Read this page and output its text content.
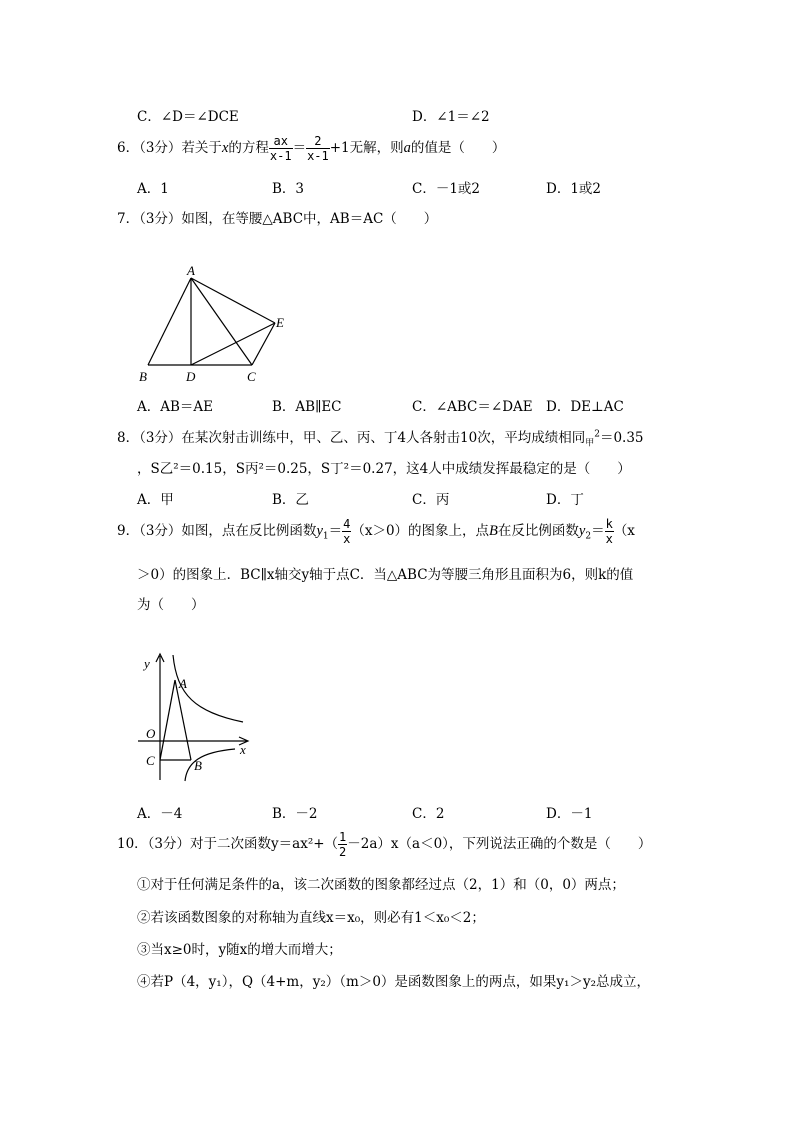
C．∠D＝∠DCE	D．∠1＝∠2
6．（3分）若关于x的方程 $\frac{ax}{x-1} = \frac{2}{x-1} +1$无解，则a的值是（　　）
A．1	B．3	C．－1或2	D．1或2
7．（3分）如图，在等腰△ABC中，AB＝AC（　　）
A
B	D	C
E
A．AB＝AE	B．AB∥EC	C．∠ABC＝∠DAE D．DE⊥AC
8．（3分）在某次射击训练中，甲、乙、丙、丁4人各射击10次，平均成绩相同$_甲^2$＝0.35
，S乙²＝0.15，S丙²＝0.25，S丁²＝0.27，这4人中成绩发挥最稳定的是（　　）
A．甲	B．乙	C．丙	D．丁
9．（3分）如图，点在反比例函数$y_1= \frac{4}{x} (x>0)$的图象上，点B在反比例函数$y_2= \frac{k}{x} (x$
＞0）的图象上．BC∥x轴交y轴于点C．当△ABC为等腰三角形且面积为6，则k的值
为（　　）
y
x
O
C
A
B
A．－4	B．－2	C．2	D．－1
10．（3分）对于二次函数$y=ax^2+( \frac{1}{2} -2a)x(a<0)$，下列说法正确的个数是（　　）
①对于任何满足条件的a，该二次函数的图象都经过点（2，1）和（0，0）两点；
②若该函数图象的对称轴为直线x＝x₀，则必有1＜x₀＜2；
③当x≥0时，y随x的增大而增大；
④若P（4，y₁），Q（4+m，y₂）（m＞0）是函数图象上的两点，如果y₁＞y₂总成立，
